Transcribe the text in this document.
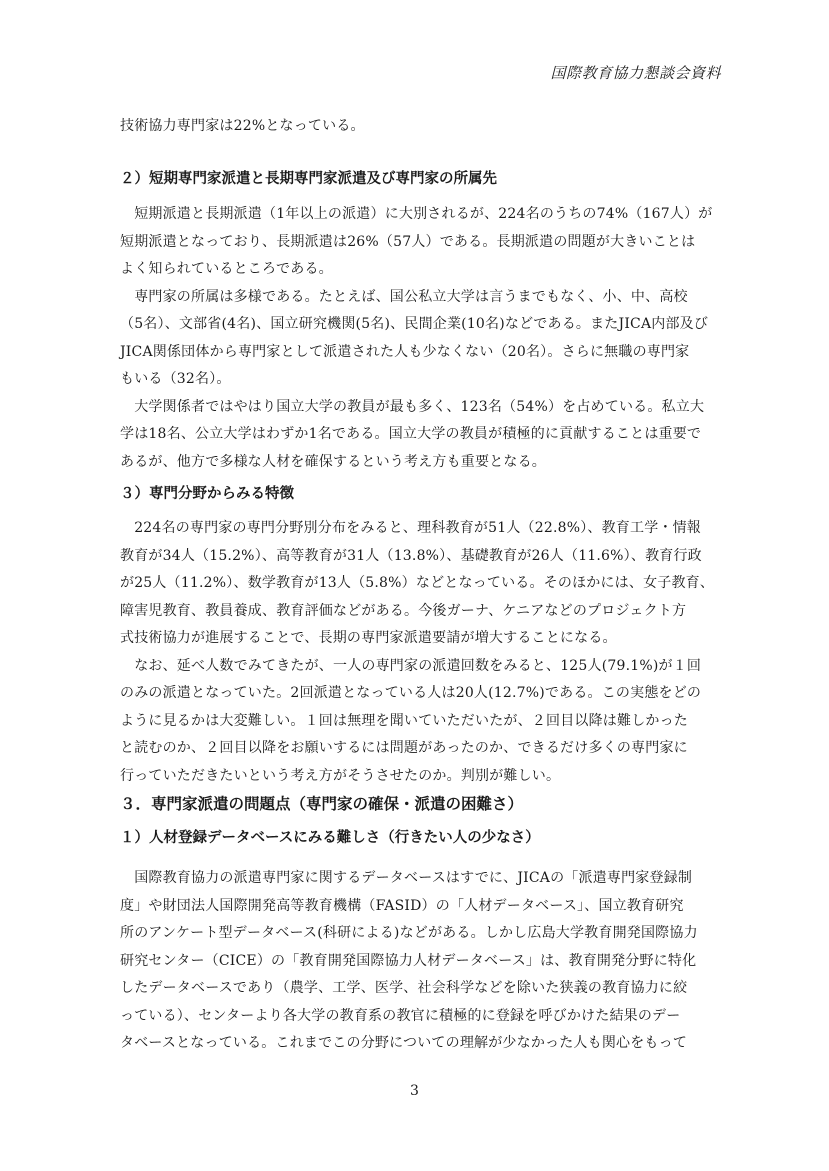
国際教育協力懇談会資料
技術協力専門家は22%となっている。
２）短期専門家派遣と長期専門家派遣及び専門家の所属先
　短期派遣と長期派遣（1年以上の派遣）に大別されるが、224名のうちの74%（167人）が
短期派遣となっており、長期派遣は26%（57人）である。長期派遣の問題が大きいことは
よく知られているところである。
　専門家の所属は多様である。たとえば、国公私立大学は言うまでもなく、小、中、高校
（5名）、文部省(4名)、国立研究機関(5名)、民間企業(10名)などである。またJICA内部及び
JICA関係団体から専門家として派遣された人も少なくない（20名）。さらに無職の専門家
もいる（32名）。
　大学関係者ではやはり国立大学の教員が最も多く、123名（54%）を占めている。私立大
学は18名、公立大学はわずか1名である。国立大学の教員が積極的に貢献することは重要で
あるが、他方で多様な人材を確保するという考え方も重要となる。
３）専門分野からみる特徴
　224名の専門家の専門分野別分布をみると、理科教育が51人（22.8%）、教育工学・情報
教育が34人（15.2%）、高等教育が31人（13.8%）、基礎教育が26人（11.6%）、教育行政
が25人（11.2%）、数学教育が13人（5.8%）などとなっている。そのほかには、女子教育、
障害児教育、教員養成、教育評価などがある。今後ガーナ、ケニアなどのプロジェクト方
式技術協力が進展することで、長期の専門家派遣要請が増大することになる。
　なお、延べ人数でみてきたが、一人の専門家の派遣回数をみると、125人(79.1%)が１回
のみの派遣となっていた。2回派遣となっている人は20人(12.7%)である。この実態をどの
ように見るかは大変難しい。１回は無理を聞いていただいたが、２回目以降は難しかった
と読むのか、２回目以降をお願いするには問題があったのか、できるだけ多くの専門家に
行っていただきたいという考え方がそうさせたのか。判別が難しい。
３．専門家派遣の問題点（専門家の確保・派遣の困難さ）
１）人材登録データベースにみる難しさ（行きたい人の少なさ）
　国際教育協力の派遣専門家に関するデータベースはすでに、JICAの「派遣専門家登録制
度」や財団法人国際開発高等教育機構（FASID）の「人材データベース」、国立教育研究
所のアンケート型データベース(科研による)などがある。しかし広島大学教育開発国際協力
研究センター（CICE）の「教育開発国際協力人材データベース」は、教育開発分野に特化
したデータベースであり（農学、工学、医学、社会科学などを除いた狭義の教育協力に絞
っている）、センターより各大学の教育系の教官に積極的に登録を呼びかけた結果のデー
タベースとなっている。これまでこの分野についての理解が少なかった人も関心をもって
3
